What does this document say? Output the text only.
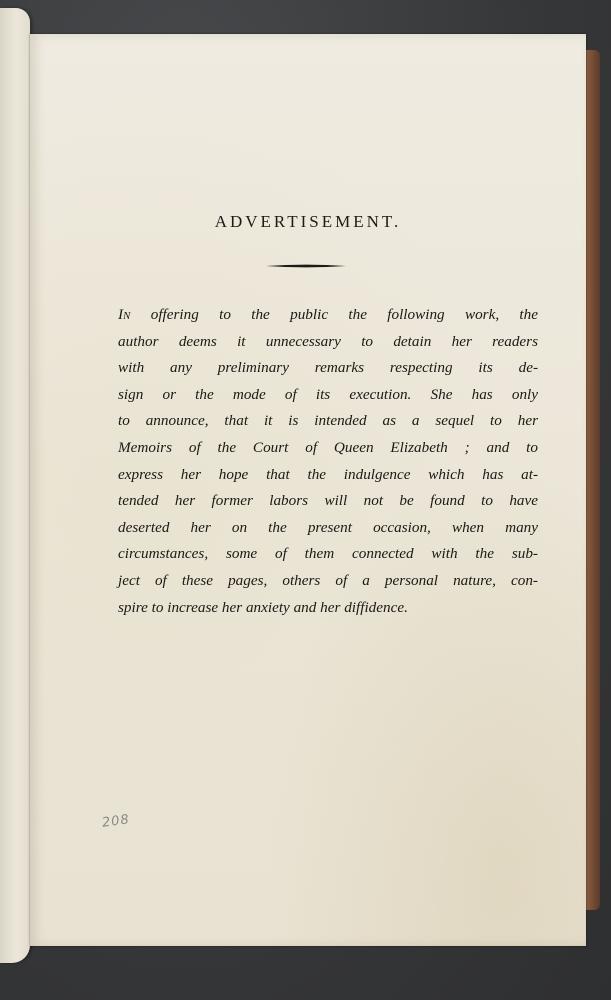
ADVERTISEMENT.
In offering to the public the following work, the
author deems it unnecessary to detain her readers
with any preliminary remarks respecting its de-
sign or the mode of its execution. She has only
to announce, that it is intended as a sequel to her
Memoirs of the Court of Queen Elizabeth ; and to
express her hope that the indulgence which has at-
tended her former labors will not be found to have
deserted her on the present occasion, when many
circumstances, some of them connected with the sub-
ject of these pages, others of a personal nature, con-
spire to increase her anxiety and her diffidence.
208
